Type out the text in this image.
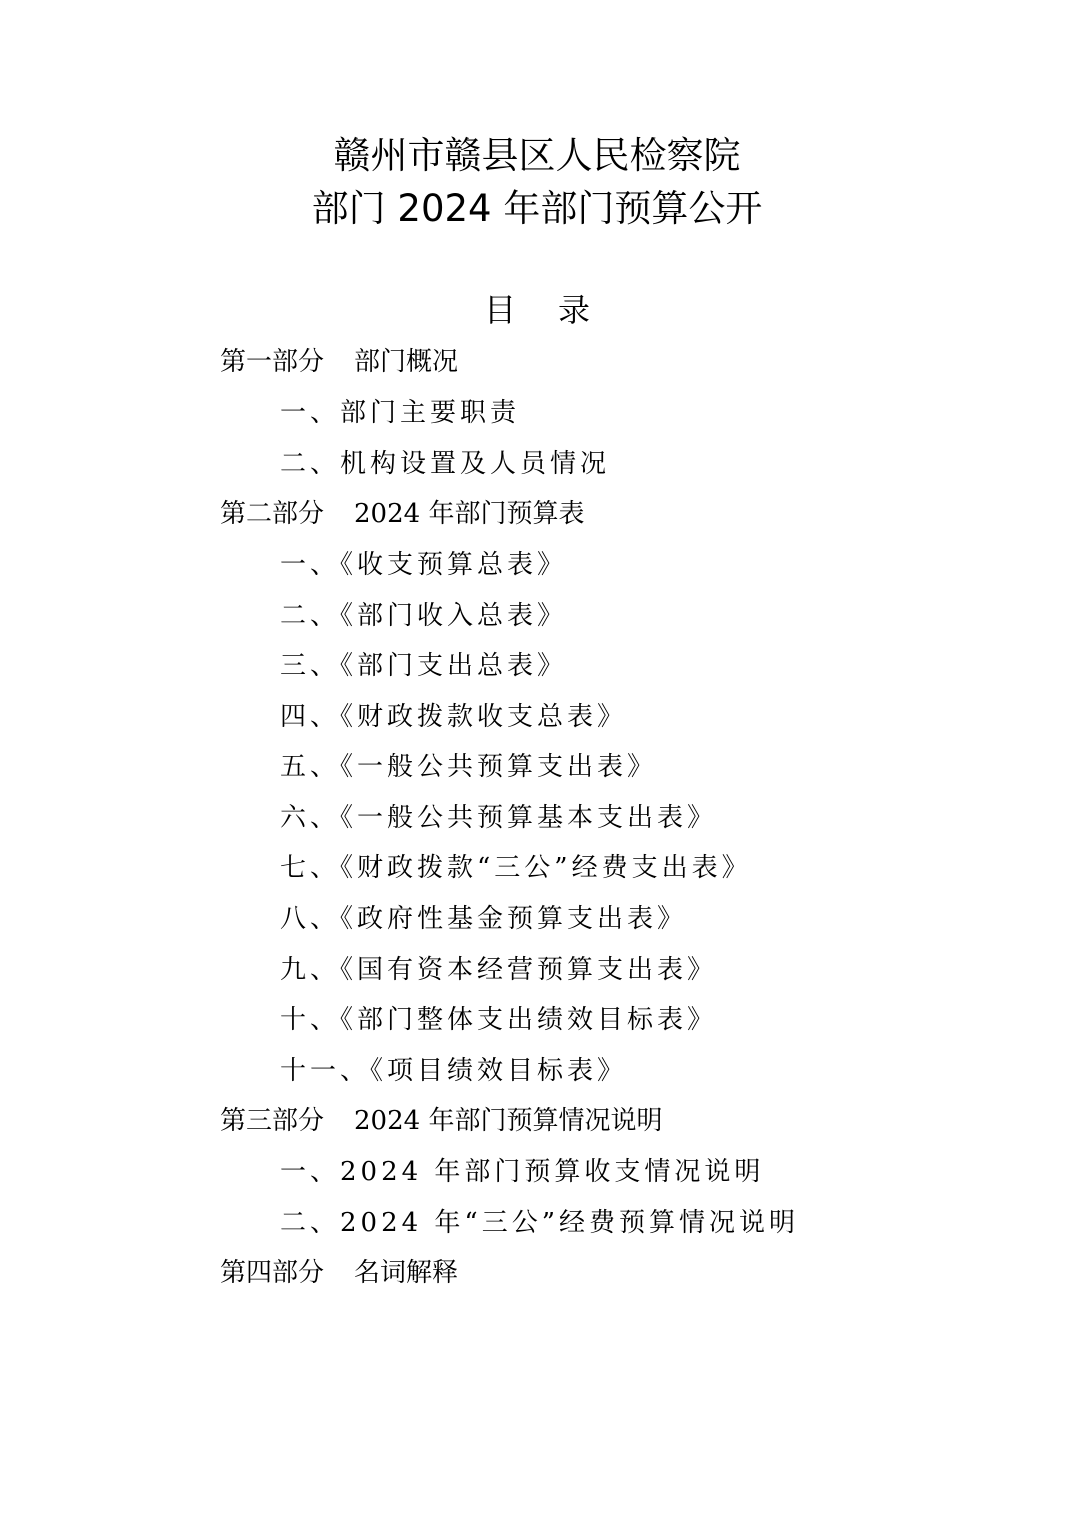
赣州市赣县区人民检察院
部门 2024 年部门预算公开
目 录
第一部分 部门概况
一、部门主要职责
二、机构设置及人员情况
第二部分 2024 年部门预算表
一、《收支预算总表》
二、《部门收入总表》
三、《部门支出总表》
四、《财政拨款收支总表》
五、《一般公共预算支出表》
六、《一般公共预算基本支出表》
七、《财政拨款“三公”经费支出表》
八、《政府性基金预算支出表》
九、《国有资本经营预算支出表》
十、《部门整体支出绩效目标表》
十一、《项目绩效目标表》
第三部分 2024 年部门预算情况说明
一、2024 年部门预算收支情况说明
二、2024 年“三公”经费预算情况说明
第四部分 名词解释
